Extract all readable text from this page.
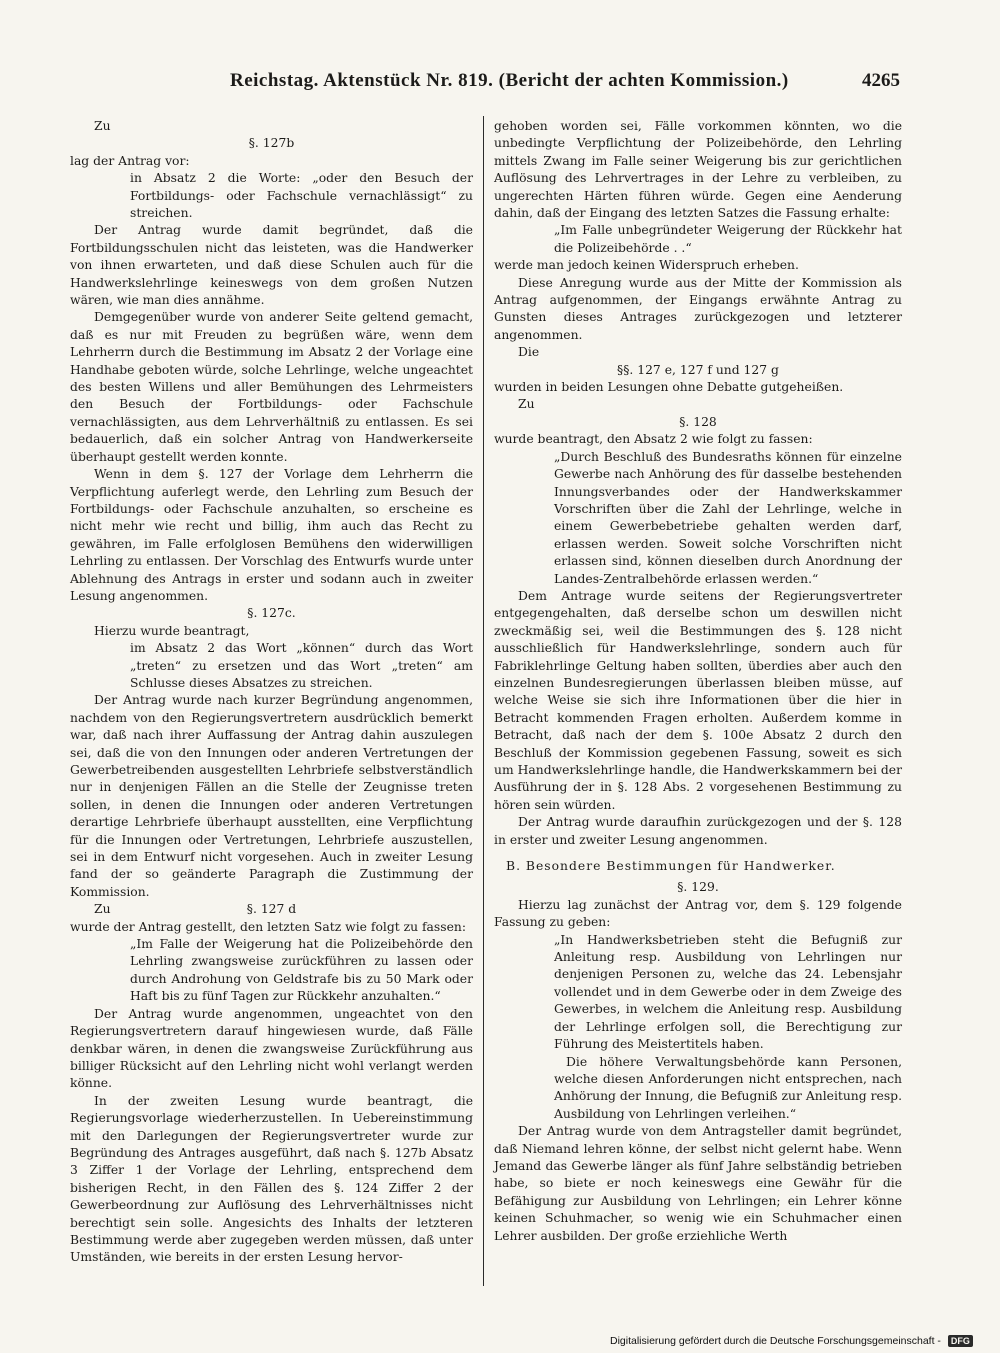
Reichstag. Aktenstück Nr. 819. (Bericht der achten Kommission.)	4265

Zu

§. 127b

lag der Antrag vor:

in Absatz 2 die Worte: „oder den Besuch der Fortbildungs- oder Fachschule vernachlässigt“ zu streichen.

Der Antrag wurde damit begründet, daß die Fortbildungsschulen nicht das leisteten, was die Handwerker von ihnen erwarteten, und daß diese Schulen auch für die Handwerkslehrlinge keineswegs von dem großen Nutzen wären, wie man dies annähme.

Demgegenüber wurde von anderer Seite geltend gemacht, daß es nur mit Freuden zu begrüßen wäre, wenn dem Lehrherrn durch die Bestimmung im Absatz 2 der Vorlage eine Handhabe geboten würde, solche Lehrlinge, welche ungeachtet des besten Willens und aller Bemühungen des Lehrmeisters den Besuch der Fortbildungs- oder Fachschule vernachlässigten, aus dem Lehrverhältniß zu entlassen. Es sei bedauerlich, daß ein solcher Antrag von Handwerkerseite überhaupt gestellt werden konnte.

Wenn in dem §. 127 der Vorlage dem Lehrherrn die Verpflichtung auferlegt werde, den Lehrling zum Besuch der Fortbildungs- oder Fachschule anzuhalten, so erscheine es nicht mehr wie recht und billig, ihm auch das Recht zu gewähren, im Falle erfolglosen Bemühens den widerwilligen Lehrling zu entlassen. Der Vorschlag des Entwurfs wurde unter Ablehnung des Antrags in erster und sodann auch in zweiter Lesung angenommen.

§. 127c.

Hierzu wurde beantragt,

im Absatz 2 das Wort „können“ durch das Wort „treten“ zu ersetzen und das Wort „treten“ am Schlusse dieses Absatzes zu streichen.

Der Antrag wurde nach kurzer Begründung angenommen, nachdem von den Regierungsvertretern ausdrücklich bemerkt war, daß nach ihrer Auffassung der Antrag dahin auszulegen sei, daß die von den Innungen oder anderen Vertretungen der Gewerbetreibenden ausgestellten Lehrbriefe selbstverständlich nur in denjenigen Fällen an die Stelle der Zeugnisse treten sollen, in denen die Innungen oder anderen Vertretungen derartige Lehrbriefe überhaupt ausstellten, eine Verpflichtung für die Innungen oder Vertretungen, Lehrbriefe auszustellen, sei in dem Entwurf nicht vorgesehen. Auch in zweiter Lesung fand der so geänderte Paragraph die Zustimmung der Kommission.

Zu	§. 127 d

wurde der Antrag gestellt, den letzten Satz wie folgt zu fassen:

„Im Falle der Weigerung hat die Polizeibehörde den Lehrling zwangsweise zurückführen zu lassen oder durch Androhung von Geldstrafe bis zu 50 Mark oder Haft bis zu fünf Tagen zur Rückkehr anzuhalten.“

Der Antrag wurde angenommen, ungeachtet von den Regierungsvertretern darauf hingewiesen wurde, daß Fälle denkbar wären, in denen die zwangsweise Zurückführung aus billiger Rücksicht auf den Lehrling nicht wohl verlangt werden könne.

In der zweiten Lesung wurde beantragt, die Regierungsvorlage wiederherzustellen. In Uebereinstimmung mit den Darlegungen der Regierungsvertreter wurde zur Begründung des Antrages ausgeführt, daß nach §. 127b Absatz 3 Ziffer 1 der Vorlage der Lehrling, entsprechend dem bisherigen Recht, in den Fällen des §. 124 Ziffer 2 der Gewerbeordnung zur Auflösung des Lehrverhältnisses nicht berechtigt sein solle. Angesichts des Inhalts der letzteren Bestimmung werde aber zugegeben werden müssen, daß unter Umständen, wie bereits in der ersten Lesung hervor-

gehoben worden sei, Fälle vorkommen könnten, wo die unbedingte Verpflichtung der Polizeibehörde, den Lehrling mittels Zwang im Falle seiner Weigerung bis zur gerichtlichen Auflösung des Lehrvertrages in der Lehre zu verbleiben, zu ungerechten Härten führen würde. Gegen eine Aenderung dahin, daß der Eingang des letzten Satzes die Fassung erhalte:

„Im Falle unbegründeter Weigerung der Rückkehr hat die Polizeibehörde . .“

werde man jedoch keinen Widerspruch erheben.

Diese Anregung wurde aus der Mitte der Kommission als Antrag aufgenommen, der Eingangs erwähnte Antrag zu Gunsten dieses Antrages zurückgezogen und letzterer angenommen.

Die

§§. 127 e, 127 f und 127 g

wurden in beiden Lesungen ohne Debatte gutgeheißen.

Zu

§. 128

wurde beantragt, den Absatz 2 wie folgt zu fassen:

„Durch Beschluß des Bundesraths können für einzelne Gewerbe nach Anhörung des für dasselbe bestehenden Innungsverbandes oder der Handwerkskammer Vorschriften über die Zahl der Lehrlinge, welche in einem Gewerbebetriebe gehalten werden darf, erlassen werden. Soweit solche Vorschriften nicht erlassen sind, können dieselben durch Anordnung der Landes-Zentralbehörde erlassen werden.“

Dem Antrage wurde seitens der Regierungsvertreter entgegengehalten, daß derselbe schon um deswillen nicht zweckmäßig sei, weil die Bestimmungen des §. 128 nicht ausschließlich für Handwerkslehrlinge, sondern auch für Fabriklehrlinge Geltung haben sollten, überdies aber auch den einzelnen Bundesregierungen überlassen bleiben müsse, auf welche Weise sie sich ihre Informationen über die hier in Betracht kommenden Fragen erholten. Außerdem komme in Betracht, daß nach der dem §. 100e Absatz 2 durch den Beschluß der Kommission gegebenen Fassung, soweit es sich um Handwerkslehrlinge handle, die Handwerkskammern bei der Ausführung der in §. 128 Abs. 2 vorgesehenen Bestimmung zu hören sein würden.

Der Antrag wurde daraufhin zurückgezogen und der §. 128 in erster und zweiter Lesung angenommen.

B. Besondere Bestimmungen für Handwerker.

§. 129.

Hierzu lag zunächst der Antrag vor, dem §. 129 folgende Fassung zu geben:

„In Handwerksbetrieben steht die Befugniß zur Anleitung resp. Ausbildung von Lehrlingen nur denjenigen Personen zu, welche das 24. Lebensjahr vollendet und in dem Gewerbe oder in dem Zweige des Gewerbes, in welchem die Anleitung resp. Ausbildung der Lehrlinge erfolgen soll, die Berechtigung zur Führung des Meistertitels haben.

Die höhere Verwaltungsbehörde kann Personen, welche diesen Anforderungen nicht entsprechen, nach Anhörung der Innung, die Befugniß zur Anleitung resp. Ausbildung von Lehrlingen verleihen.“

Der Antrag wurde von dem Antragsteller damit begründet, daß Niemand lehren könne, der selbst nicht gelernt habe. Wenn Jemand das Gewerbe länger als fünf Jahre selbständig betrieben habe, so biete er noch keineswegs eine Gewähr für die Befähigung zur Ausbildung von Lehrlingen; ein Lehrer könne keinen Schuhmacher, so wenig wie ein Schuhmacher einen Lehrer ausbilden. Der große erziehliche Werth

Digitalisierung gefördert durch die Deutsche Forschungsgemeinschaft - DFG
